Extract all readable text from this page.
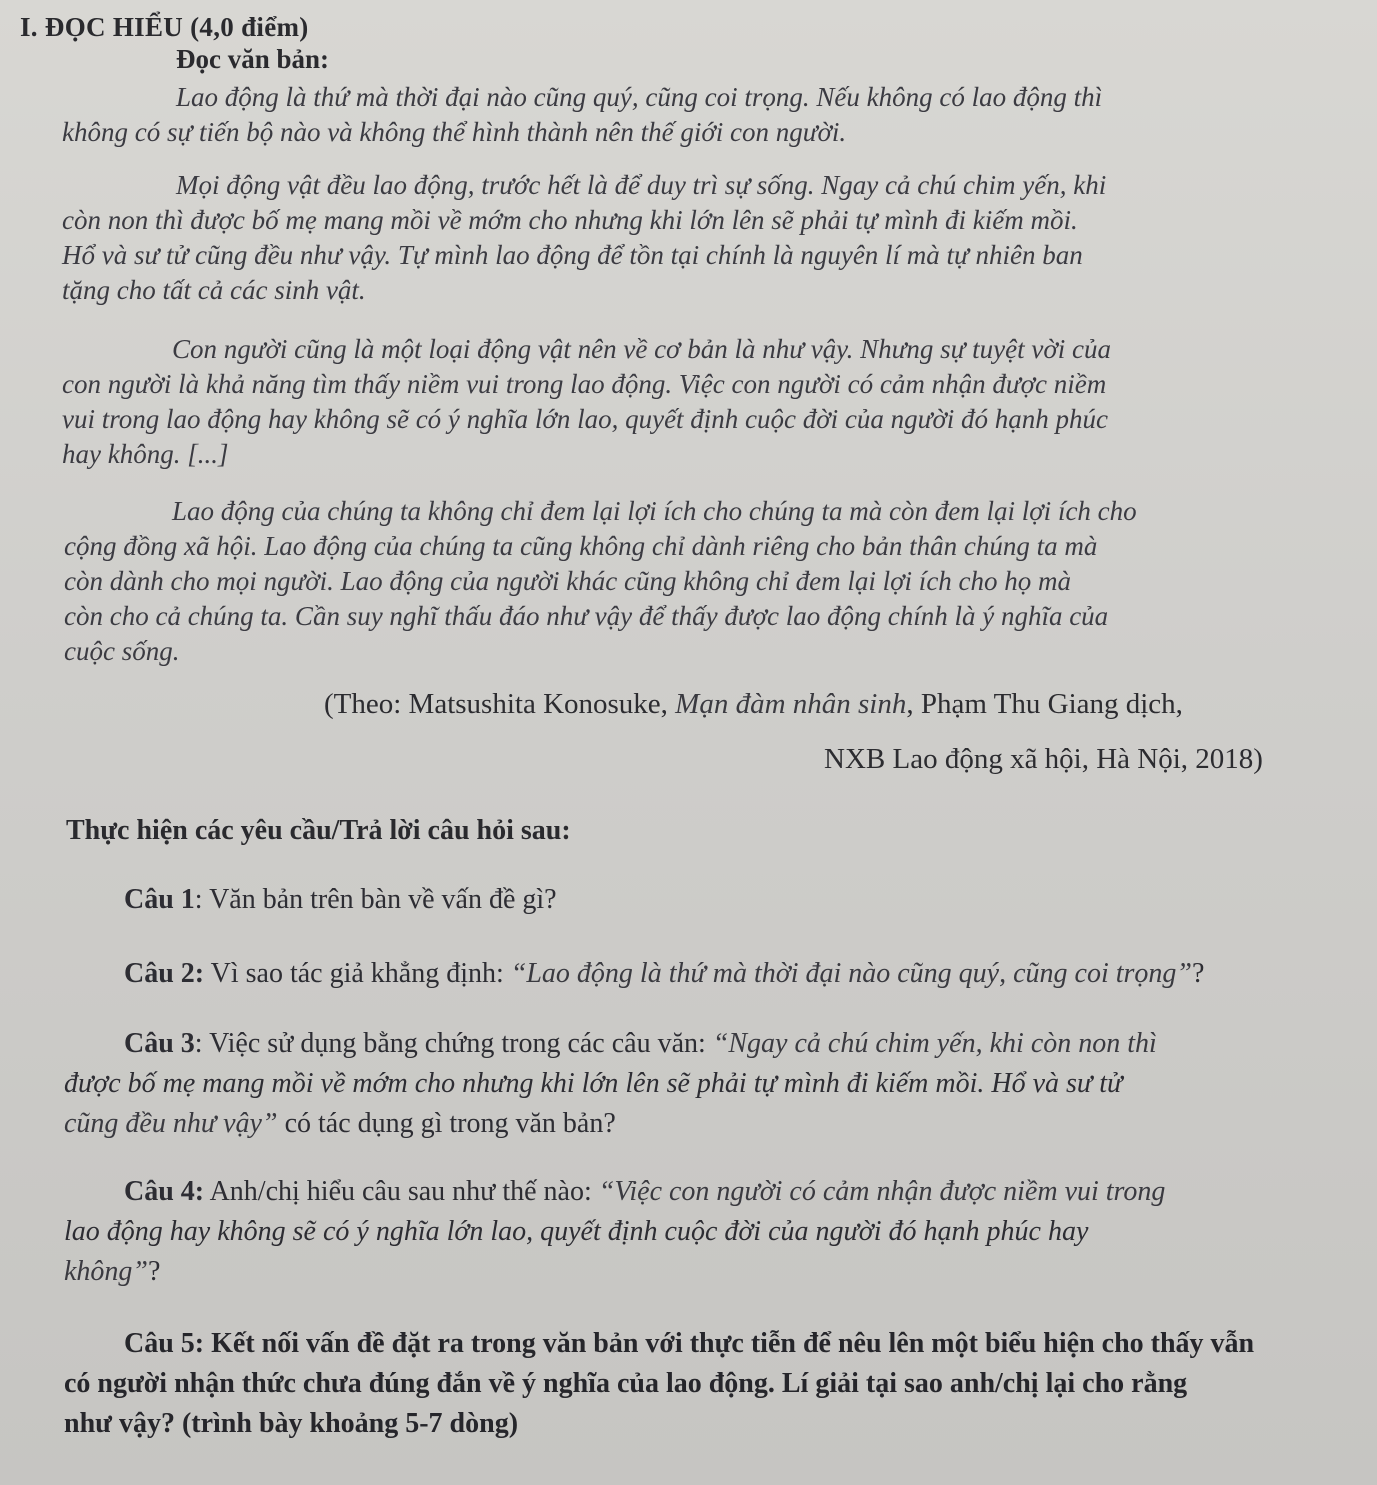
I. ĐỌC HIỂU (4,0 điểm)
Đọc văn bản:
Lao động là thứ mà thời đại nào cũng quý, cũng coi trọng. Nếu không có lao động thì
không có sự tiến bộ nào và không thể hình thành nên thế giới con người.
Mọi động vật đều lao động, trước hết là để duy trì sự sống. Ngay cả chú chim yến, khi
còn non thì được bố mẹ mang mồi về mớm cho nhưng khi lớn lên sẽ phải tự mình đi kiếm mồi.
Hổ và sư tử cũng đều như vậy. Tự mình lao động để tồn tại chính là nguyên lí mà tự nhiên ban
tặng cho tất cả các sinh vật.
Con người cũng là một loại động vật nên về cơ bản là như vậy. Nhưng sự tuyệt vời của
con người là khả năng tìm thấy niềm vui trong lao động. Việc con người có cảm nhận được niềm
vui trong lao động hay không sẽ có ý nghĩa lớn lao, quyết định cuộc đời của người đó hạnh phúc
hay không. [...]
Lao động của chúng ta không chỉ đem lại lợi ích cho chúng ta mà còn đem lại lợi ích cho
cộng đồng xã hội. Lao động của chúng ta cũng không chỉ dành riêng cho bản thân chúng ta mà
còn dành cho mọi người. Lao động của người khác cũng không chỉ đem lại lợi ích cho họ mà
còn cho cả chúng ta. Cần suy nghĩ thấu đáo như vậy để thấy được lao động chính là ý nghĩa của
cuộc sống.
(Theo: Matsushita Konosuke, Mạn đàm nhân sinh, Phạm Thu Giang dịch,
NXB Lao động xã hội, Hà Nội, 2018)
Thực hiện các yêu cầu/Trả lời câu hỏi sau:
Câu 1: Văn bản trên bàn về vấn đề gì?
Câu 2: Vì sao tác giả khẳng định: “Lao động là thứ mà thời đại nào cũng quý, cũng coi trọng”?
Câu 3: Việc sử dụng bằng chứng trong các câu văn: “Ngay cả chú chim yến, khi còn non thì
được bố mẹ mang mồi về mớm cho nhưng khi lớn lên sẽ phải tự mình đi kiếm mồi. Hổ và sư tử
cũng đều như vậy” có tác dụng gì trong văn bản?
Câu 4: Anh/chị hiểu câu sau như thế nào: “Việc con người có cảm nhận được niềm vui trong
lao động hay không sẽ có ý nghĩa lớn lao, quyết định cuộc đời của người đó hạnh phúc hay
không”?
Câu 5: Kết nối vấn đề đặt ra trong văn bản với thực tiễn để nêu lên một biểu hiện cho thấy vẫn
có người nhận thức chưa đúng đắn về ý nghĩa của lao động. Lí giải tại sao anh/chị lại cho rằng
như vậy? (trình bày khoảng 5-7 dòng)
